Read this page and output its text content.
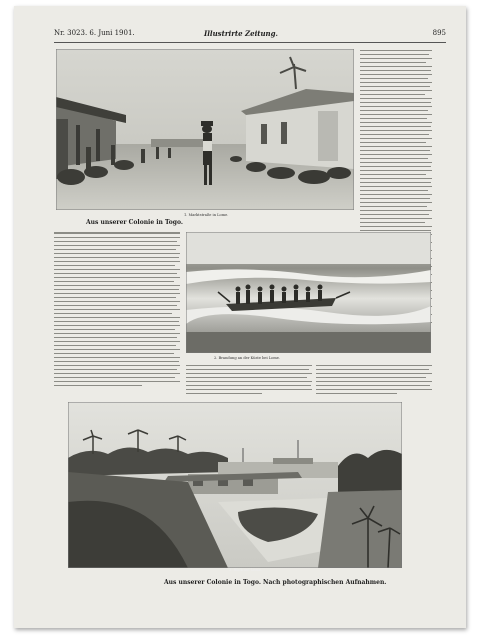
Nr. 3023. 6. Juni 1901.	Illustrirte Zeitung.	895
1. Marktstraße in Lome.
Aus unserer Colonie in Togo.
2. Brandung an der Küste bei Lome.
3. Blick auf Lome.
Aus unserer Colonie in Togo. Nach photographischen Aufnahmen.
